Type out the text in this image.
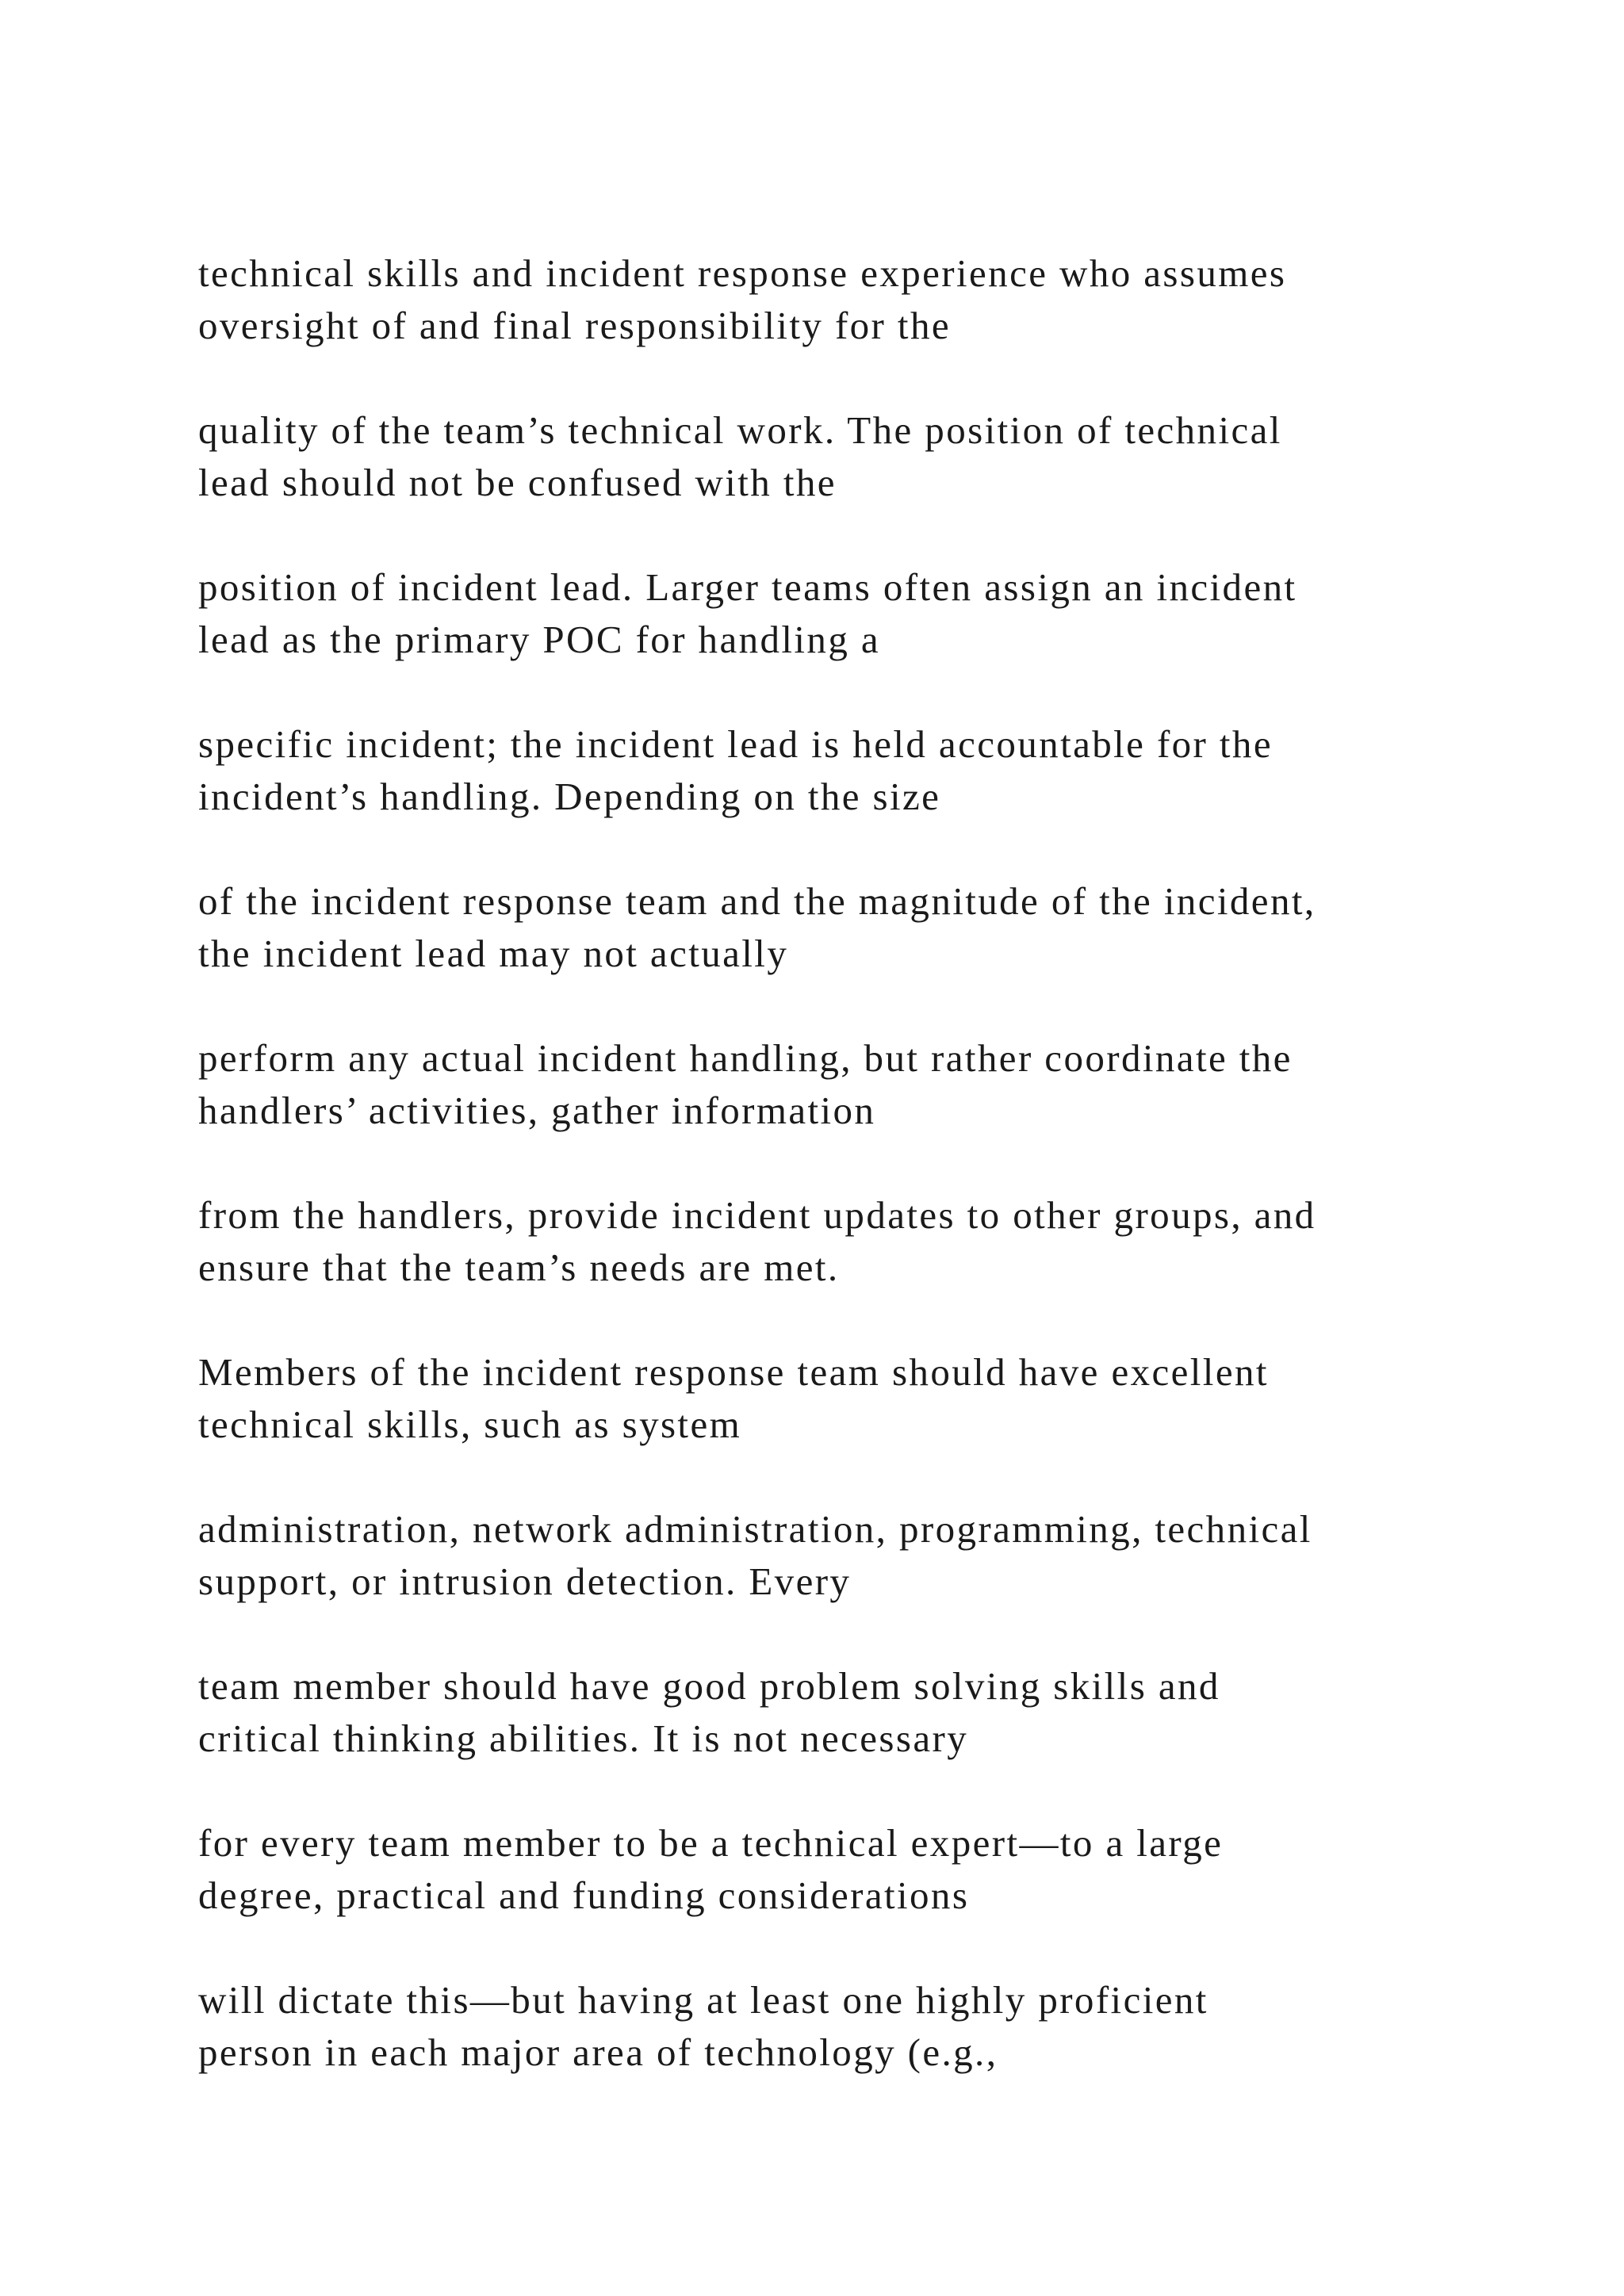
technical skills and incident response experience who assumes
oversight of and final responsibility for the

quality of the team’s technical work. The position of technical
lead should not be confused with the

position of incident lead. Larger teams often assign an incident
lead as the primary POC for handling a

specific incident; the incident lead is held accountable for the
incident’s handling. Depending on the size

of the incident response team and the magnitude of the incident,
the incident lead may not actually

perform any actual incident handling, but rather coordinate the
handlers’ activities, gather information

from the handlers, provide incident updates to other groups, and
ensure that the team’s needs are met.

Members of the incident response team should have excellent
technical skills, such as system

administration, network administration, programming, technical
support, or intrusion detection. Every

team member should have good problem solving skills and
critical thinking abilities. It is not necessary

for every team member to be a technical expert—to a large
degree, practical and funding considerations

will dictate this—but having at least one highly proficient
person in each major area of technology (e.g.,
